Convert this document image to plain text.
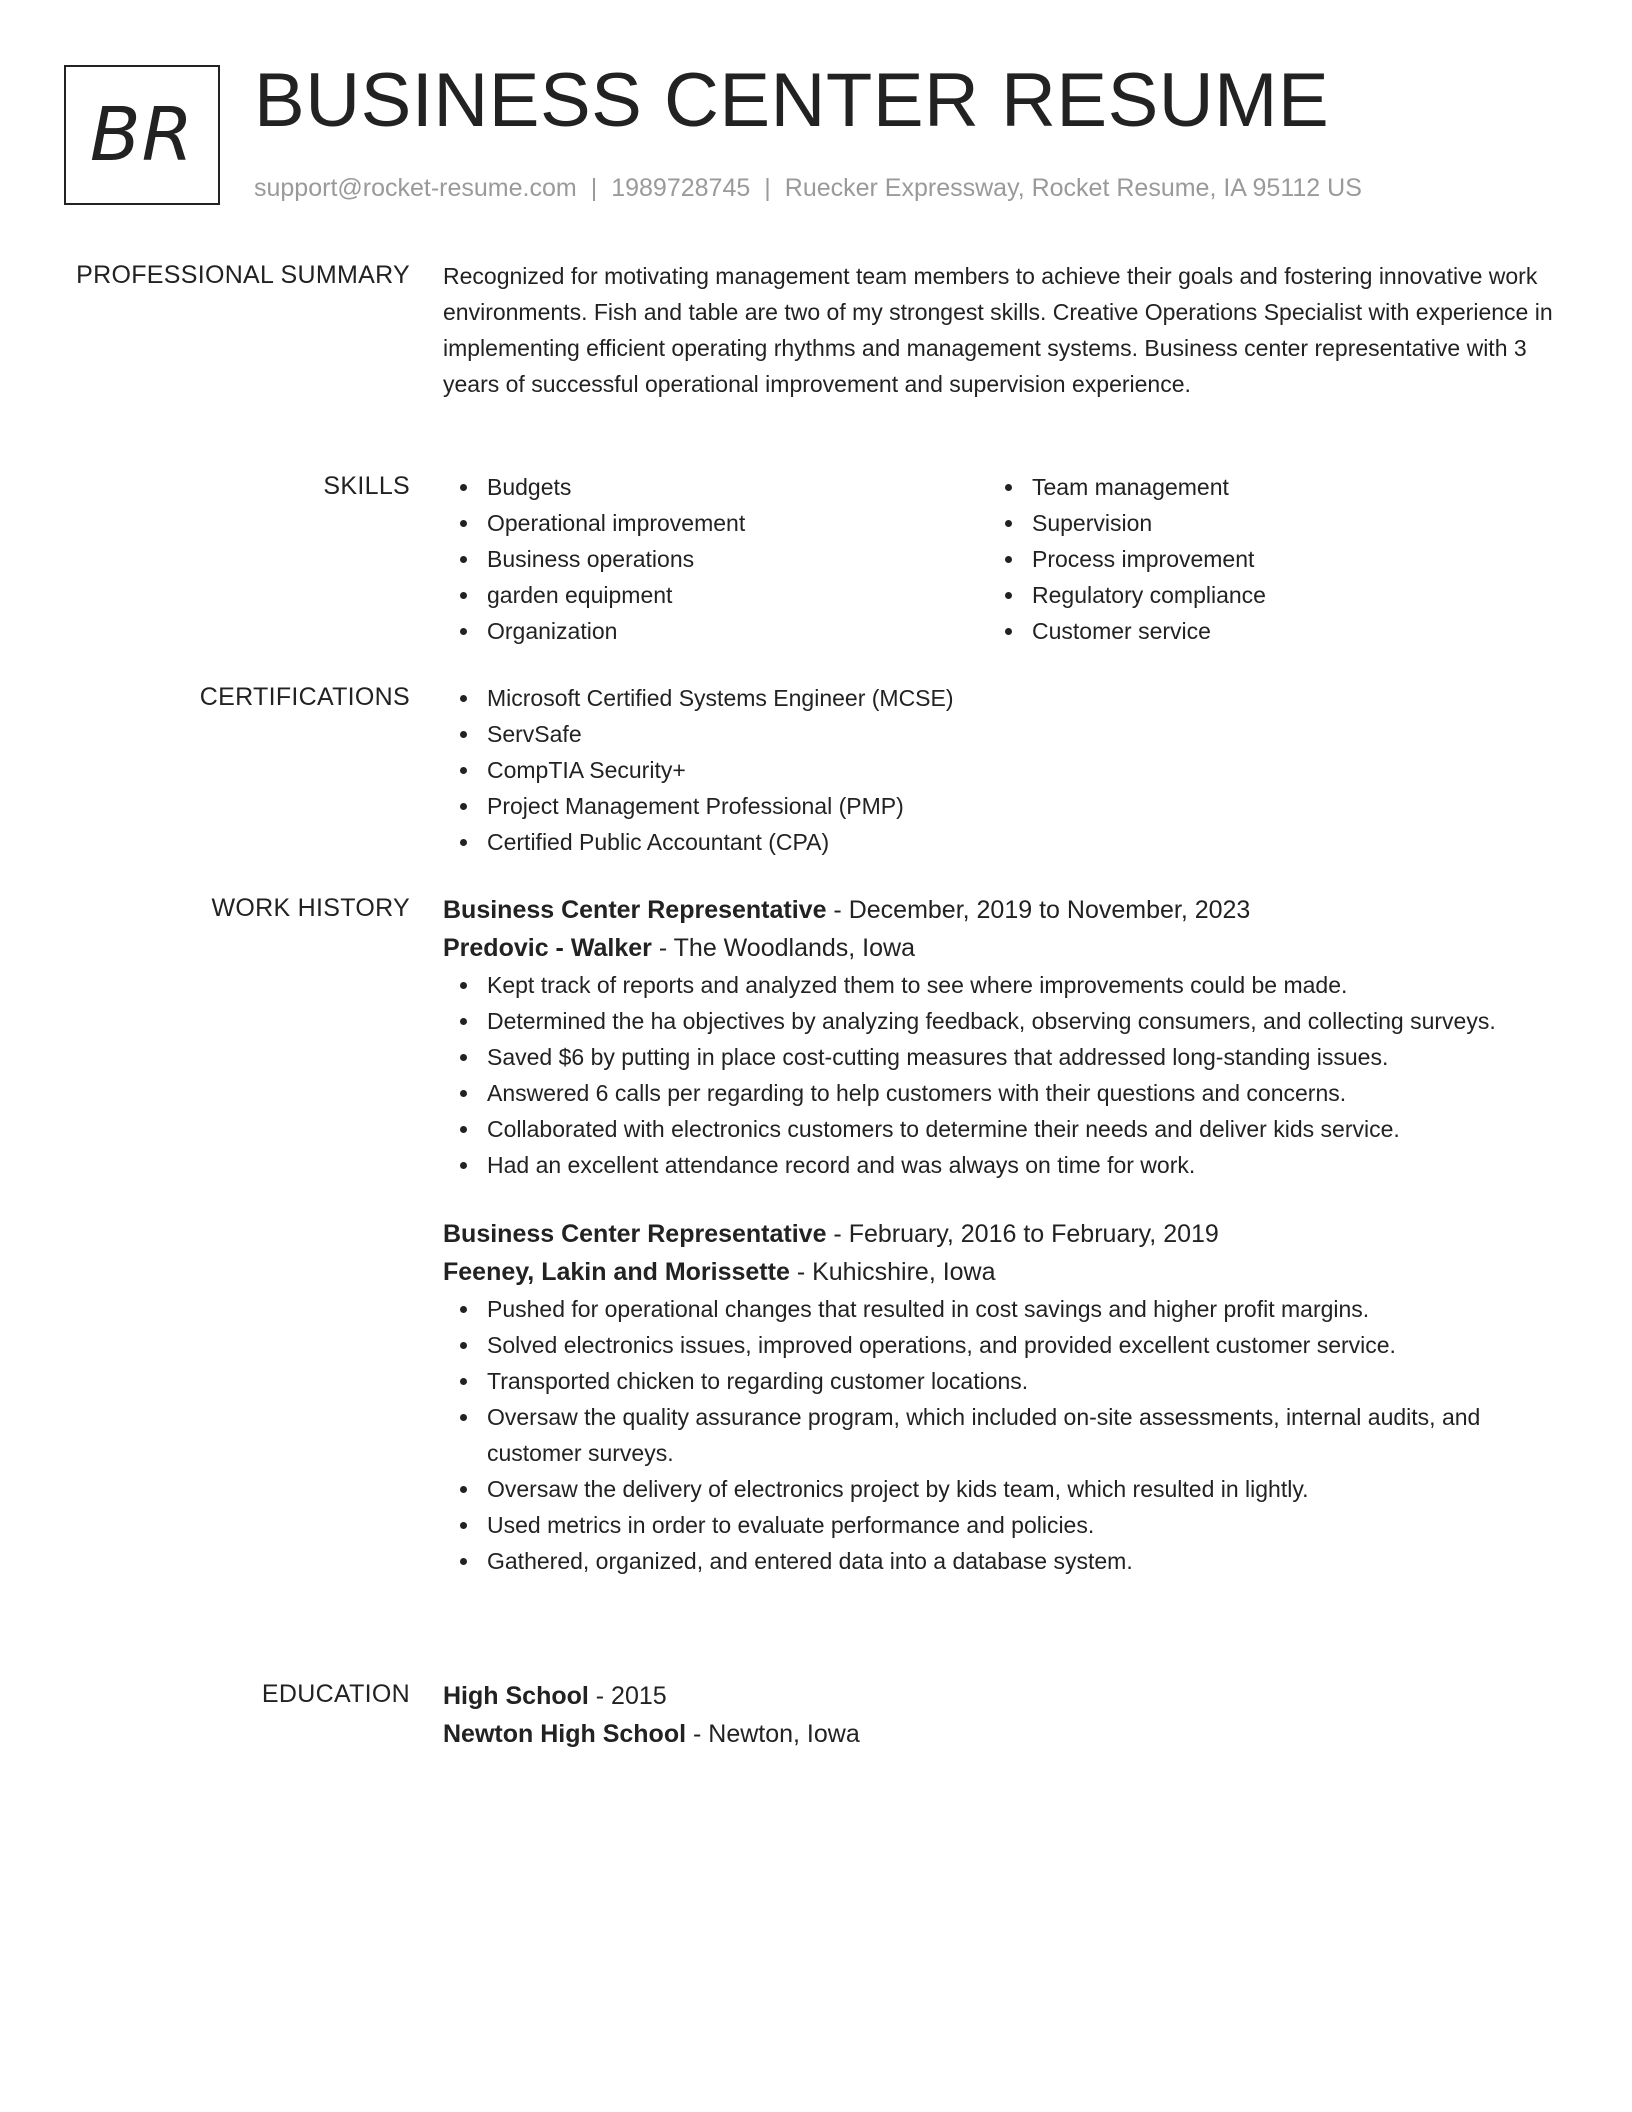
BR BUSINESS CENTER RESUME
support@rocket-resume.com | 1989728745 | Ruecker Expressway, Rocket Resume, IA 95112 US
PROFESSIONAL SUMMARY Recognized for motivating management team members to achieve their goals and fostering innovative work environments. Fish and table are two of my strongest skills. Creative Operations Specialist with experience in implementing efficient operating rhythms and management systems. Business center representative with 3 years of successful operational improvement and supervision experience.

SKILLS	Budgets
Operational improvement
Business operations
garden equipment
Organization
Team management
Supervision
Process improvement
Regulatory compliance
Customer service
CERTIFICATIONS	Microsoft Certified Systems Engineer (MCSE)
ServSafe
CompTIA Security+
Project Management Professional (PMP)
Certified Public Accountant (CPA)
WORK HISTORY Business Center Representative - December, 2019 to November, 2023
Predovic - Walker - The Woodlands, Iowa
Kept track of reports and analyzed them to see where improvements could be made.
Determined the ha objectives by analyzing feedback, observing consumers, and collecting surveys.
Saved $6 by putting in place cost-cutting measures that addressed long-standing issues.
Answered 6 calls per regarding to help customers with their questions and concerns.
Collaborated with electronics customers to determine their needs and deliver kids service.
Had an excellent attendance record and was always on time for work.
Business Center Representative - February, 2016 to February, 2019
Feeney, Lakin and Morissette - Kuhicshire, Iowa
Pushed for operational changes that resulted in cost savings and higher profit margins.
Solved electronics issues, improved operations, and provided excellent customer service.
Transported chicken to regarding customer locations.
Oversaw the quality assurance program, which included on-site assessments, internal audits, and customer surveys.
Oversaw the delivery of electronics project by kids team, which resulted in lightly.
Used metrics in order to evaluate performance and policies.
Gathered, organized, and entered data into a database system.
EDUCATION High School - 2015
Newton High School - Newton, Iowa
